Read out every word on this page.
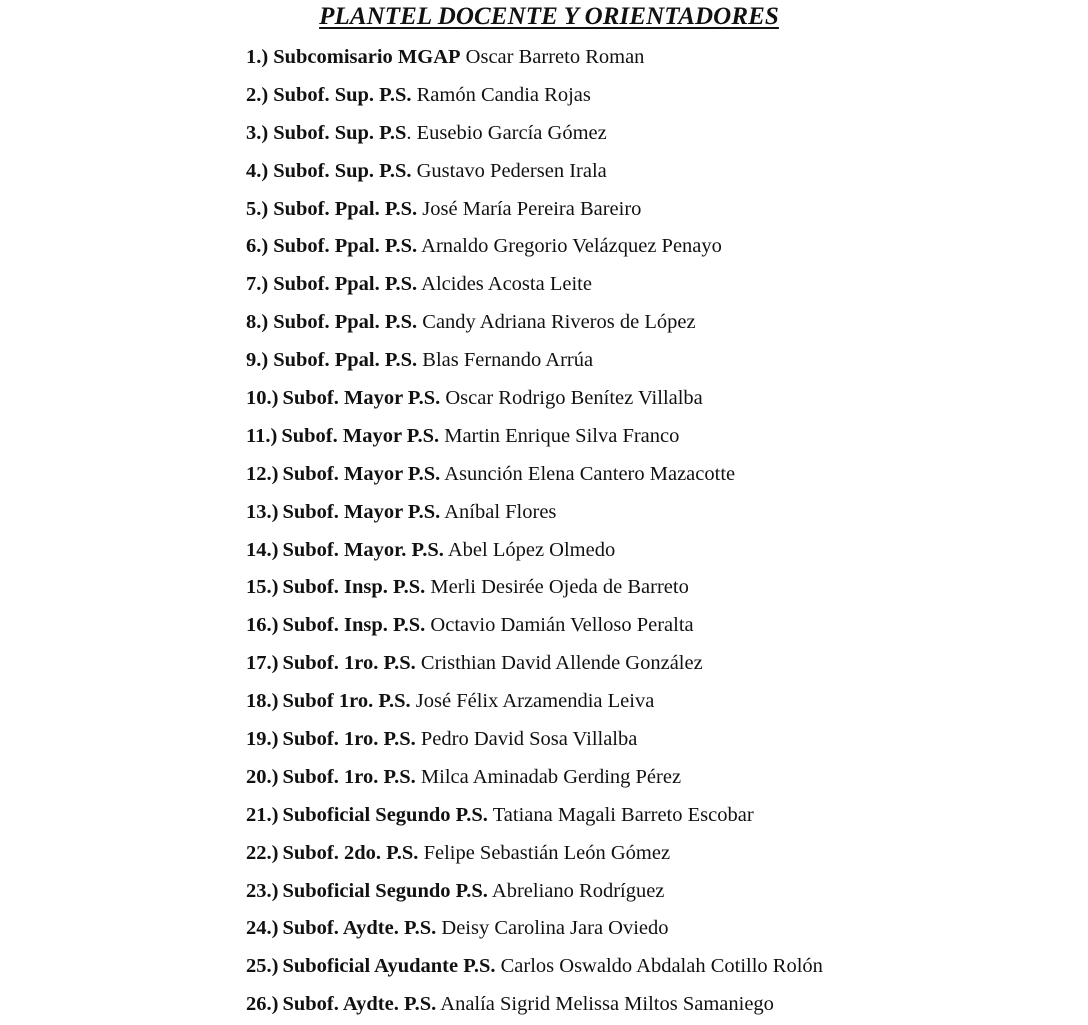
PLANTEL DOCENTE Y ORIENTADORES
1.) Subcomisario MGAP Oscar Barreto Roman
2.) Subof. Sup. P.S. Ramón Candia Rojas
3.) Subof. Sup. P.S. Eusebio García Gómez
4.) Subof. Sup. P.S. Gustavo Pedersen Irala
5.) Subof. Ppal. P.S. José María Pereira Bareiro
6.) Subof. Ppal. P.S. Arnaldo Gregorio Velázquez Penayo
7.) Subof. Ppal. P.S. Alcides Acosta Leite
8.) Subof. Ppal. P.S. Candy Adriana Riveros de López
9.) Subof. Ppal. P.S. Blas Fernando Arrúa
10.) Subof. Mayor P.S. Oscar Rodrigo Benítez Villalba
11.) Subof. Mayor P.S. Martin Enrique Silva Franco
12.) Subof. Mayor P.S. Asunción Elena Cantero Mazacotte
13.) Subof. Mayor P.S. Aníbal Flores
14.) Subof. Mayor. P.S. Abel López Olmedo
15.) Subof. Insp. P.S. Merli Desirée Ojeda de Barreto
16.) Subof. Insp. P.S. Octavio Damián Velloso Peralta
17.) Subof. 1ro. P.S. Cristhian David Allende González
18.) Subof 1ro. P.S. José Félix Arzamendia Leiva
19.) Subof. 1ro. P.S. Pedro David Sosa Villalba
20.) Subof. 1ro. P.S. Milca Aminadab Gerding Pérez
21.) Suboficial Segundo P.S. Tatiana Magali Barreto Escobar
22.) Subof. 2do. P.S. Felipe Sebastián León Gómez
23.) Suboficial Segundo P.S. Abreliano Rodríguez
24.) Subof. Aydte. P.S. Deisy Carolina Jara Oviedo
25.) Suboficial Ayudante P.S. Carlos Oswaldo Abdalah Cotillo Rolón
26.) Subof. Aydte. P.S. Analía Sigrid Melissa Miltos Samaniego
